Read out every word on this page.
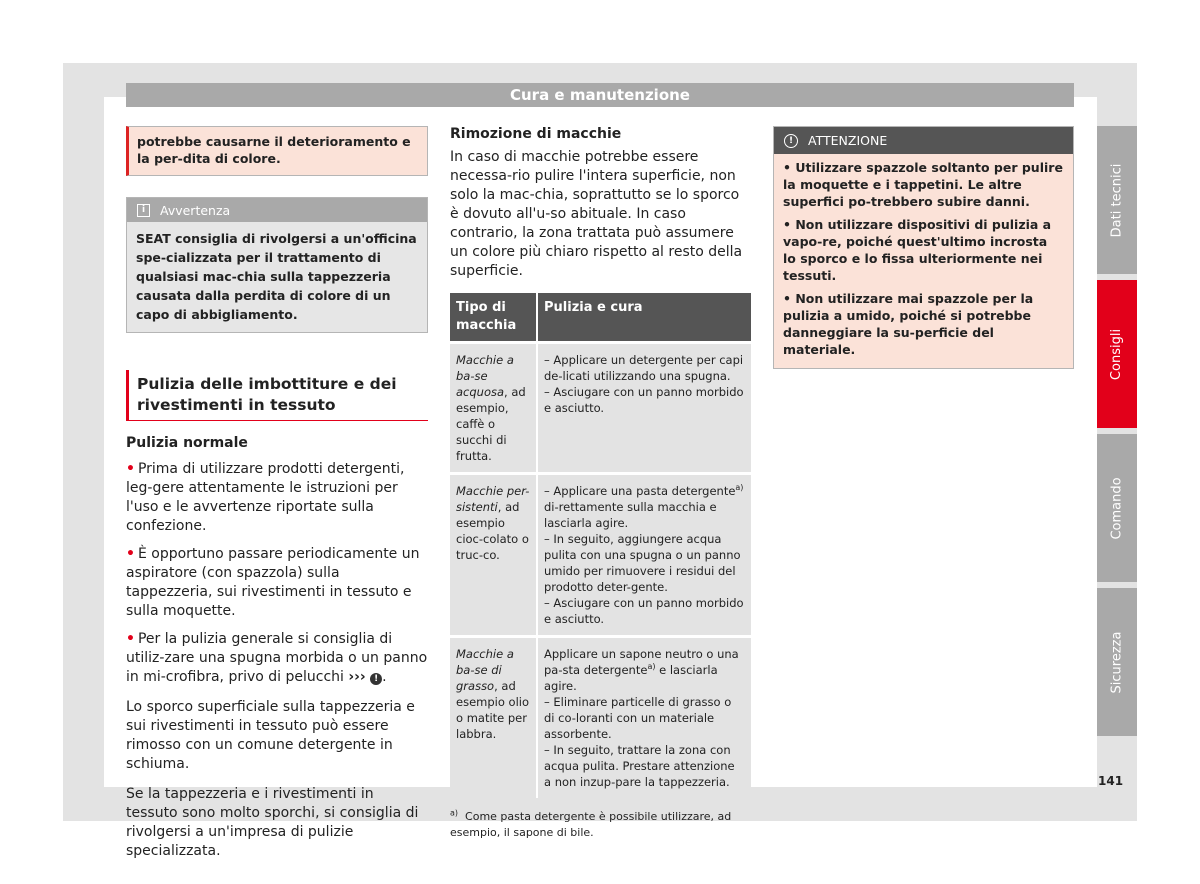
Cura e manutenzione
potrebbe causarne il deterioramento e la per-dita di colore.
i	Avvertenza
SEAT consiglia di rivolgersi a un'officina spe-cializzata per il trattamento di qualsiasi mac-chia sulla tappezzeria causata dalla perdita di colore di un capo di abbigliamento.
Pulizia delle imbottiture e dei rivestimenti in tessuto
Pulizia normale
• Prima di utilizzare prodotti detergenti, leg-gere attentamente le istruzioni per l'uso e le avvertenze riportate sulla confezione.
• È opportuno passare periodicamente un aspiratore (con spazzola) sulla tappezzeria, sui rivestimenti in tessuto e sulla moquette.
• Per la pulizia generale si consiglia di utiliz-zare una spugna morbida o un panno in mi-crofibra, privo di pelucchi ››› ! .
Lo sporco superficiale sulla tappezzeria e sui rivestimenti in tessuto può essere rimosso con un comune detergente in schiuma.
Se la tappezzeria e i rivestimenti in tessuto sono molto sporchi, si consiglia di rivolgersi a un'impresa di pulizie specializzata.
Rimozione di macchie
In caso di macchie potrebbe essere necessa-rio pulire l'intera superficie, non solo la mac-chia, soprattutto se lo sporco è dovuto all'u-so abituale. In caso contrario, la zona trattata può assumere un colore più chiaro rispetto al resto della superficie.
Tipo di macchia	Pulizia e cura
Macchie a ba-se acquosa, ad esempio, caffè o succhi di frutta.	– Applicare un detergente per capi de-licati utilizzando una spugna.
– Asciugare con un panno morbido e asciutto.

Macchie per-sistenti, ad esempio cioc-colato o truc-co.	– Applicare una pasta detergente$^{a)}$ di-rettamente sulla macchia e lasciarla agire.
– In seguito, aggiungere acqua pulita con una spugna o un panno umido per rimuovere i residui del prodotto deter-gente.
– Asciugare con un panno morbido e asciutto.

Macchie a ba-se di grasso, ad esempio olio o matite per labbra.	Applicare un sapone neutro o una pa-sta detergente$^{a)}$ e lasciarla agire.
– Eliminare particelle di grasso o di co-loranti con un materiale assorbente.
– In seguito, trattare la zona con acqua pulita. Prestare attenzione a non inzup-pare la tappezzeria.
$^{a)}$ Come pasta detergente è possibile utilizzare, ad esempio, il sapone di bile.
!	ATTENZIONE
• Utilizzare spazzole soltanto per pulire la moquette e i tappetini. Le altre superfici po-trebbero subire danni.
• Non utilizzare dispositivi di pulizia a vapo-re, poiché quest'ultimo incrosta lo sporco e lo fissa ulteriormente nei tessuti.
• Non utilizzare mai spazzole per la pulizia a umido, poiché si potrebbe danneggiare la su-perficie del materiale.
Dati tecnici
Consigli
Comando
Sicurezza
141
